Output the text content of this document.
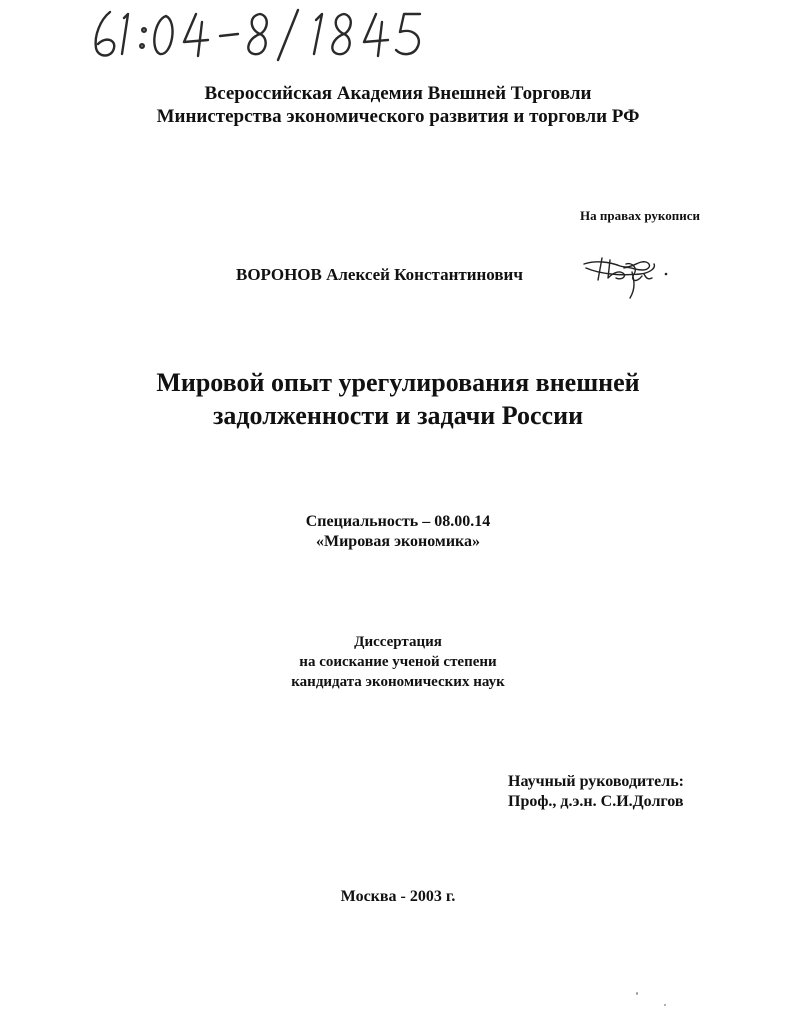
Всероссийская Академия Внешней Торговли
Министерства экономического развития и торговли РФ
На правах рукописи
ВОРОНОВ Алексей Константинович
Мировой опыт урегулирования внешней
задолженности и задачи России
Специальность – 08.00.14
«Мировая экономика»
Диссертация
на соискание ученой степени
кандидата экономических наук
Научный руководитель:
Проф., д.э.н. С.И.Долгов
Москва - 2003 г.
